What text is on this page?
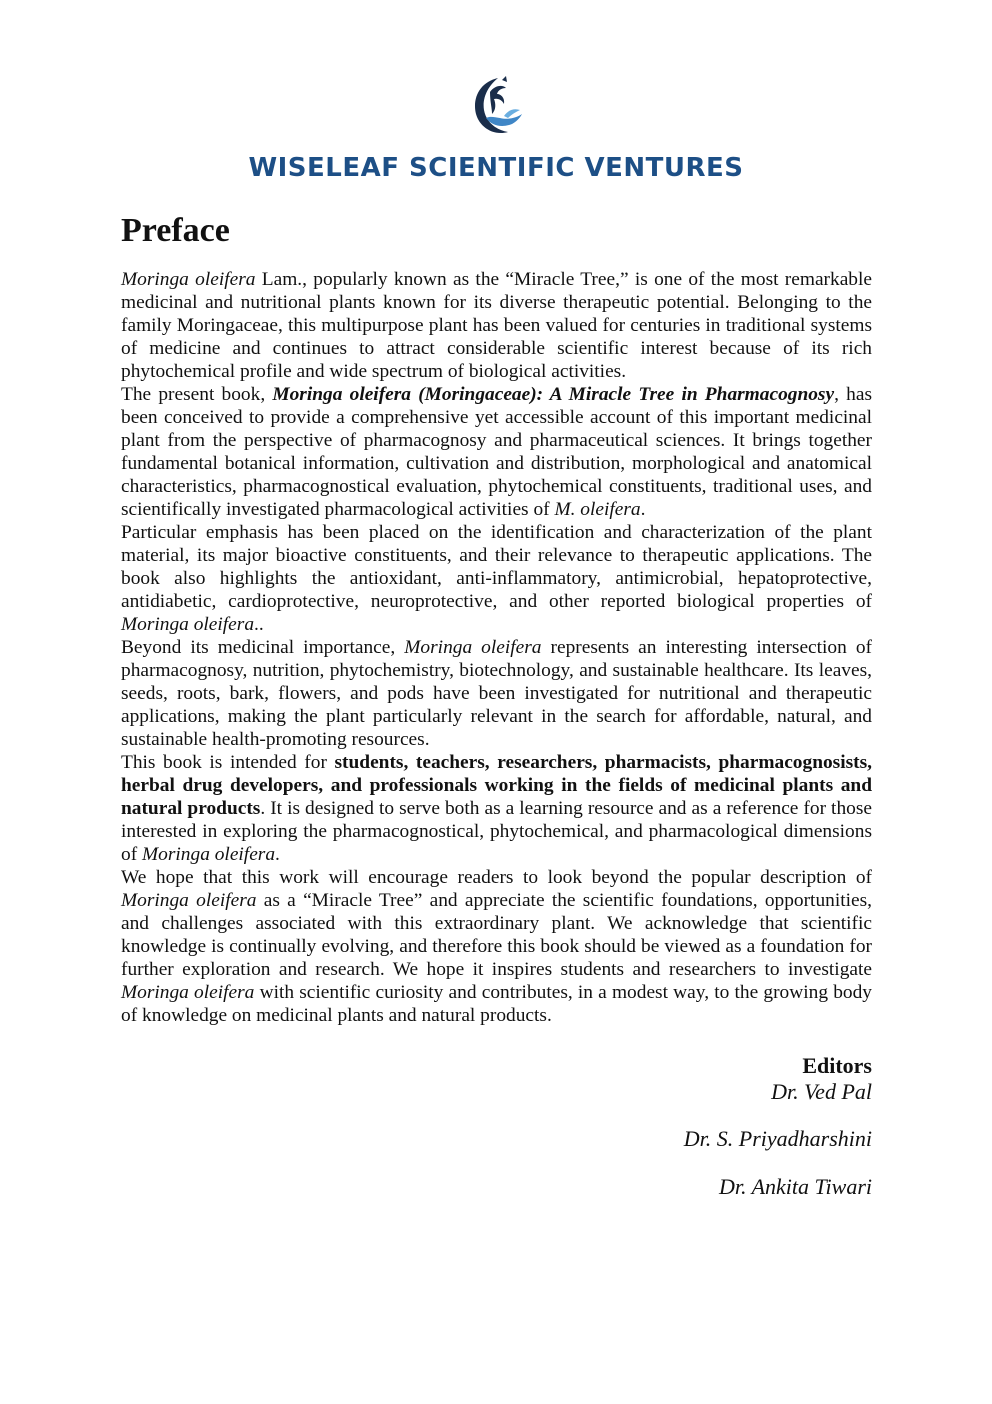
WISELEAF SCIENTIFIC VENTURES
Preface

Moringa oleifera Lam., popularly known as the “Miracle Tree,” is one of the most remarkable medicinal and nutritional plants known for its diverse therapeutic potential. Belonging to the family Moringaceae, this multipurpose plant has been valued for centuries in traditional systems of medicine and continues to attract considerable scientific interest because of its rich phytochemical profile and wide spectrum of biological activities.

The present book, Moringa oleifera (Moringaceae): A Miracle Tree in Pharmacognosy, has been conceived to provide a comprehensive yet accessible account of this important medicinal plant from the perspective of pharmacognosy and pharmaceutical sciences. It brings together fundamental botanical information, cultivation and distribution, morphological and anatomical characteristics, pharmacognostical evaluation, phytochemical constituents, traditional uses, and scientifically investigated pharmacological activities of M. oleifera.

Particular emphasis has been placed on the identification and characterization of the plant material, its major bioactive constituents, and their relevance to therapeutic applications. The book also highlights the antioxidant, anti-inflammatory, antimicrobial, hepatoprotective, antidiabetic, cardioprotective, neuroprotective, and other reported biological properties of Moringa oleifera..

Beyond its medicinal importance, Moringa oleifera represents an interesting intersection of pharmacognosy, nutrition, phytochemistry, biotechnology, and sustainable healthcare. Its leaves, seeds, roots, bark, flowers, and pods have been investigated for nutritional and therapeutic applications, making the plant particularly relevant in the search for affordable, natural, and sustainable health-promoting resources.

This book is intended for students, teachers, researchers, pharmacists, pharmacognosists, herbal drug developers, and professionals working in the fields of medicinal plants and natural products. It is designed to serve both as a learning resource and as a reference for those interested in exploring the pharmacognostical, phytochemical, and pharmacological dimensions of Moringa oleifera.

We hope that this work will encourage readers to look beyond the popular description of Moringa oleifera as a “Miracle Tree” and appreciate the scientific foundations, opportunities, and challenges associated with this extraordinary plant. We acknowledge that scientific knowledge is continually evolving, and therefore this book should be viewed as a foundation for further exploration and research. We hope it inspires students and researchers to investigate Moringa oleifera with scientific curiosity and contributes, in a modest way, to the growing body of knowledge on medicinal plants and natural products.

Editors
Dr. Ved Pal
Dr. S. Priyadharshini
Dr. Ankita Tiwari
